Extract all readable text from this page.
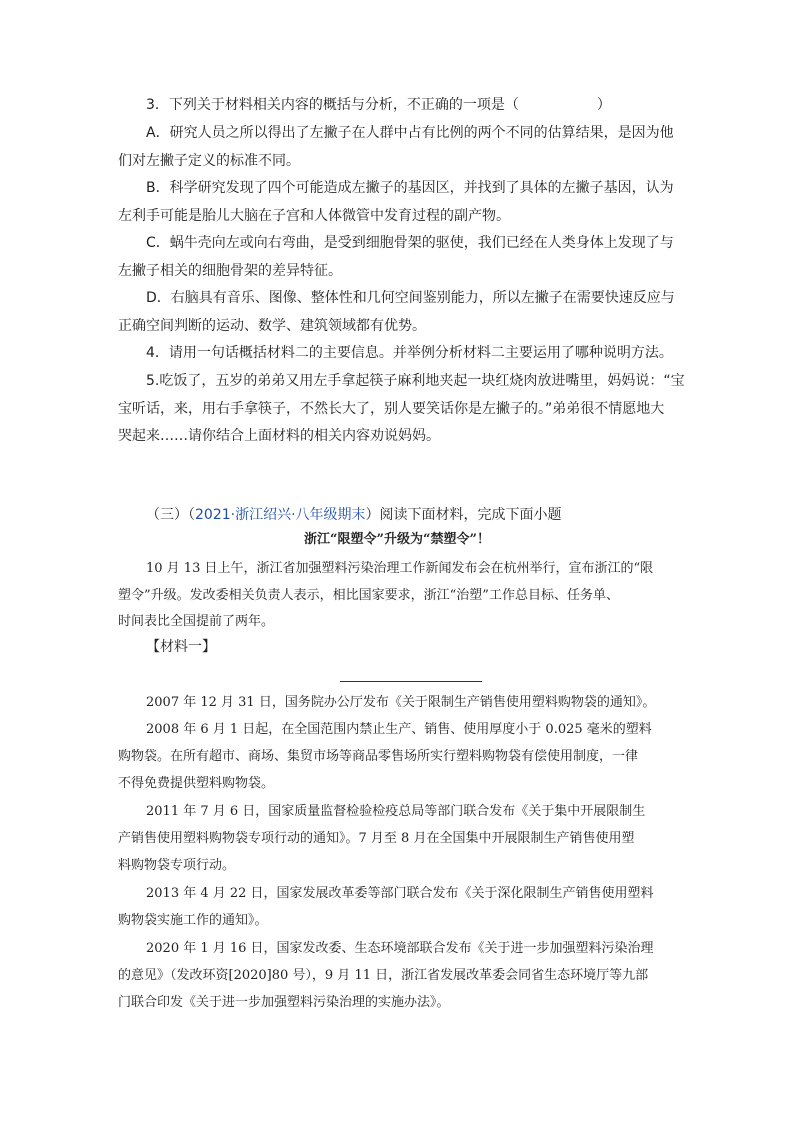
3．下列关于材料相关内容的概括与分析，不正确的一项是（	）
A．研究人员之所以得出了左撇子在人群中占有比例的两个不同的估算结果，是因为他
们对左撇子定义的标准不同。
B．科学研究发现了四个可能造成左撇子的基因区，并找到了具体的左撇子基因，认为
左利手可能是胎儿大脑在子宫和人体微管中发育过程的副产物。
C．蜗牛壳向左或向右弯曲，是受到细胞骨架的驱使，我们已经在人类身体上发现了与
左撇子相关的细胞骨架的差异特征。
D．右脑具有音乐、图像、整体性和几何空间鉴别能力，所以左撇子在需要快速反应与
正确空间判断的运动、数学、建筑领域都有优势。
4．请用一句话概括材料二的主要信息。并举例分析材料二主要运用了哪种说明方法。
5.吃饭了，五岁的弟弟又用左手拿起筷子麻利地夹起一块红烧肉放进嘴里，妈妈说：“宝
宝听话，来，用右手拿筷子，不然长大了，别人要笑话你是左撇子的。”弟弟很不情愿地大
哭起来……请你结合上面材料的相关内容劝说妈妈。
（三）（2021·浙江绍兴·八年级期末）阅读下面材料，完成下面小题
浙江“限塑令”升级为“禁塑令”！
10 月 13 日上午，浙江省加强塑料污染治理工作新闻发布会在杭州举行，宣布浙江的“限
塑令”升级。发改委相关负责人表示，相比国家要求，浙江“治塑”工作总目标、任务单、
时间表比全国提前了两年。
【材料一】
2007 年 12 月 31 日，国务院办公厅发布《关于限制生产销售使用塑料购物袋的通知》。
2008 年 6 月 1 日起，在全国范围内禁止生产、销售、使用厚度小于 0.025 毫米的塑料
购物袋。在所有超市、商场、集贸市场等商品零售场所实行塑料购物袋有偿使用制度，一律
不得免费提供塑料购物袋。
2011 年 7 月 6 日，国家质量监督检验检疫总局等部门联合发布《关于集中开展限制生
产销售使用塑料购物袋专项行动的通知》。7 月至 8 月在全国集中开展限制生产销售使用塑
料购物袋专项行动。
2013 年 4 月 22 日，国家发展改革委等部门联合发布《关于深化限制生产销售使用塑料
购物袋实施工作的通知》。
2020 年 1 月 16 日，国家发改委、生态环境部联合发布《关于进一步加强塑料污染治理
的意见》（发改环资[2020]80 号），9 月 11 日，浙江省发展改革委会同省生态环境厅等九部
门联合印发《关于进一步加强塑料污染治理的实施办法》。
